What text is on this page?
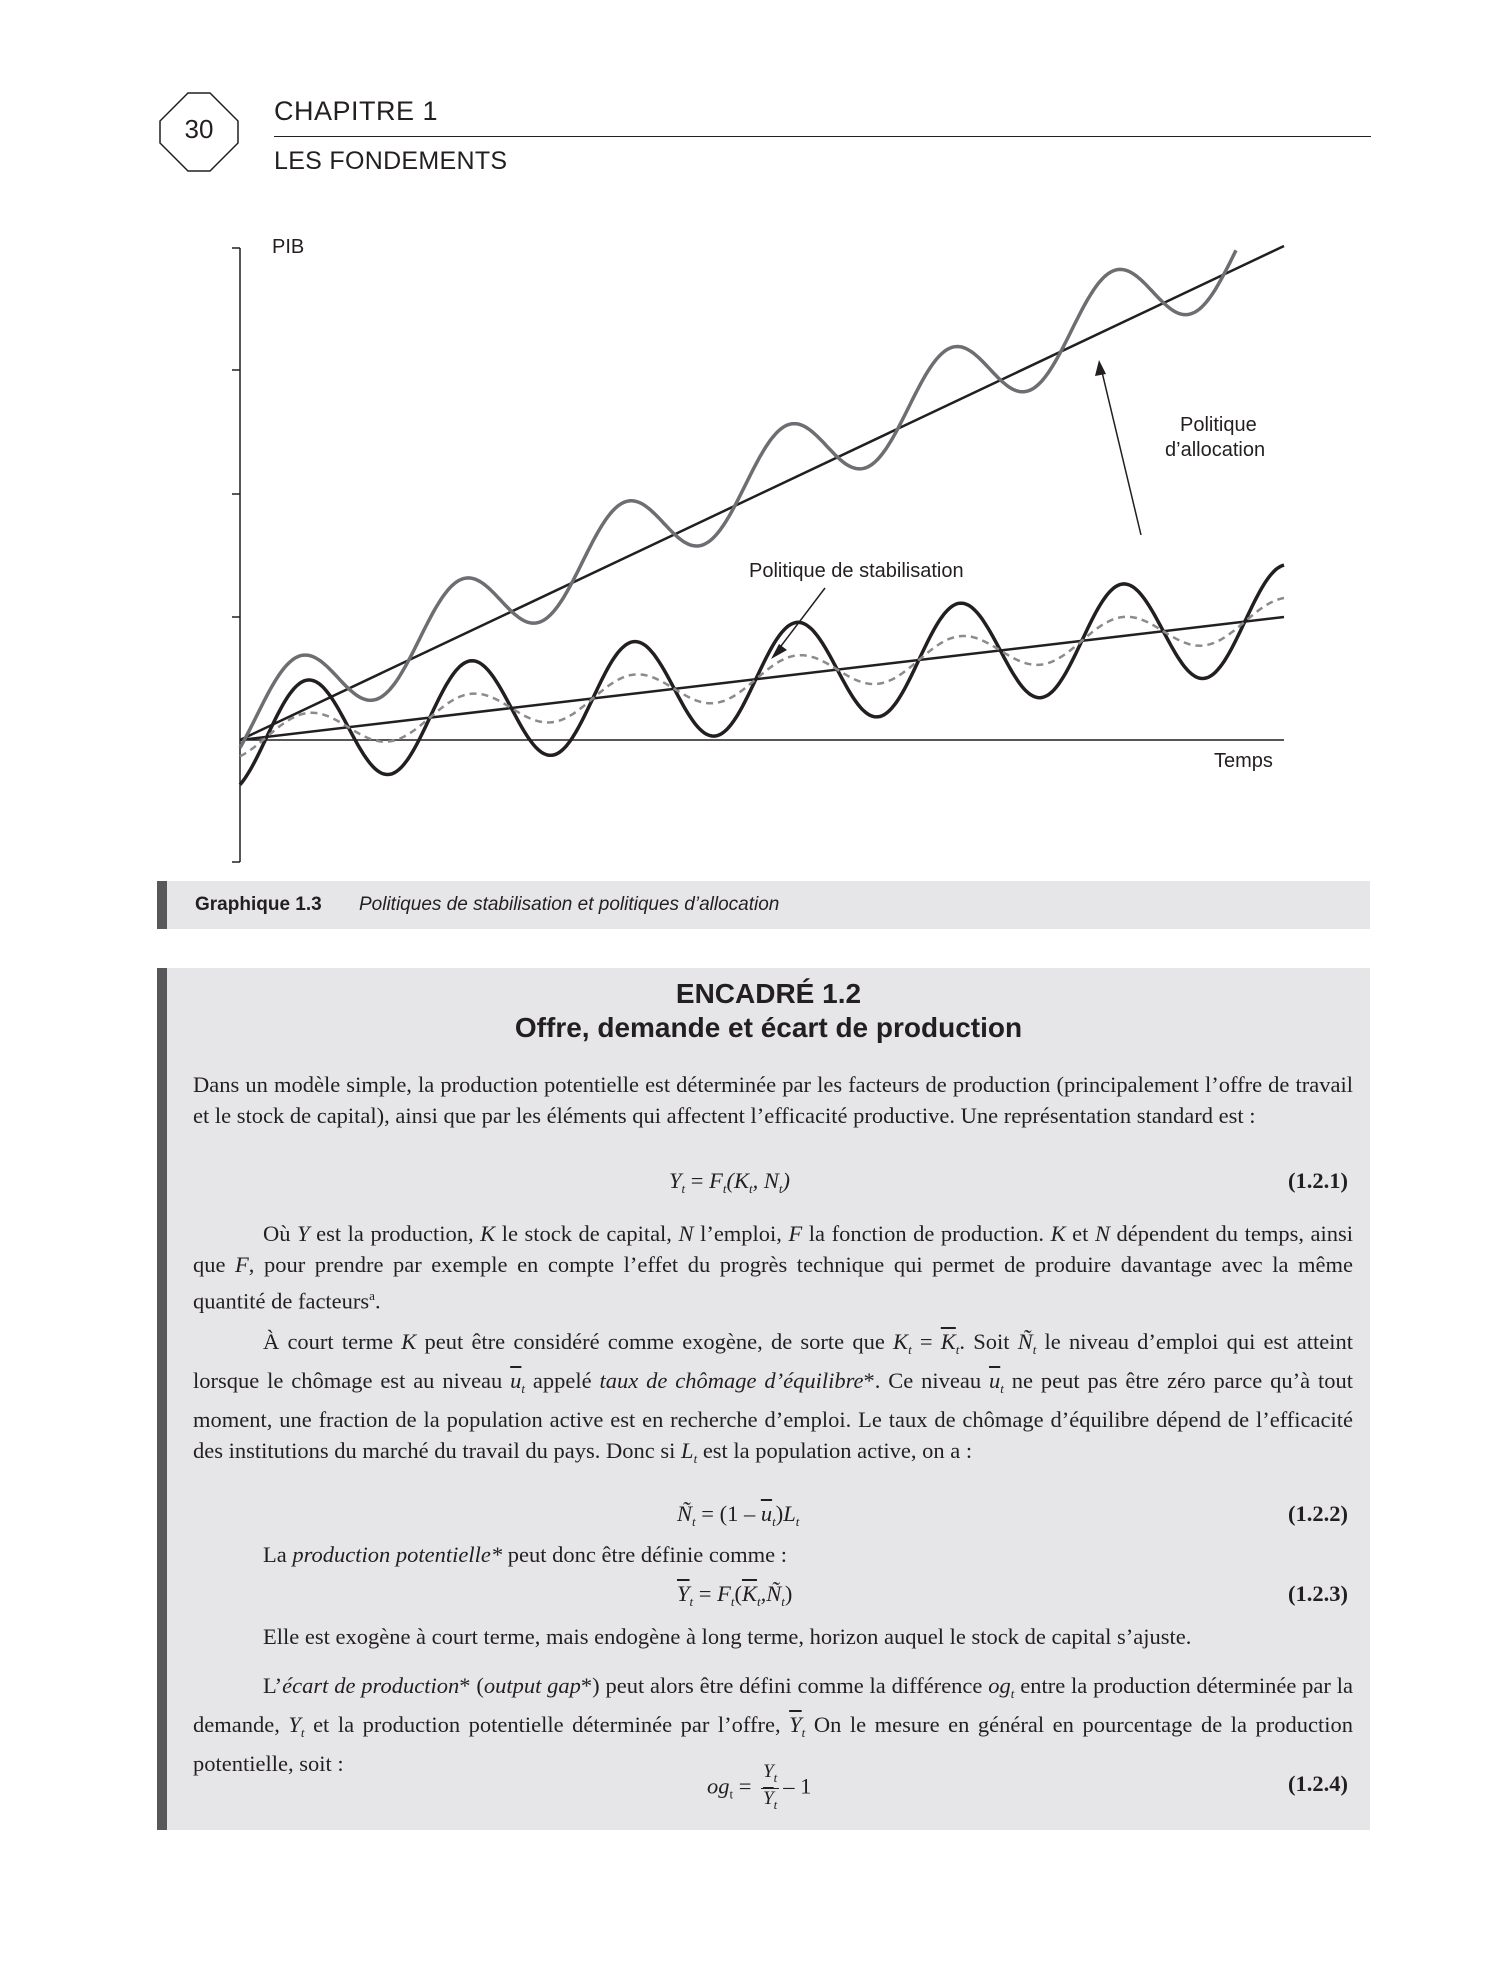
30
CHAPITRE 1
LES FONDEMENTS
PIB
Temps
Politique
d’allocation
Politique de stabilisation
Graphique 1.3 Politiques de stabilisation et politiques d’allocation
ENCADRÉ 1.2
Offre, demande et écart de production
Dans un modèle simple, la production potentielle est déterminée par les facteurs de production (principalement l’offre de travail et le stock de capital), ainsi que par les éléments qui affectent l’efficacité productive. Une représentation standard est :
$Y_t = F_t(K_t$, $N_t$)	(1.2.1)
Où Y est la production, K le stock de capital, N l’emploi, F la fonction de production. K et N dépendent du temps, ainsi que F, pour prendre par exemple en compte l’effet du progrès technique qui permet de produire davantage avec la même quantité de facteurs$^a$.
À court terme K peut être considéré comme exogène, de sorte que $K_t = \overline{K}_t$. Soit $Ñ_t$ le niveau d’emploi qui est atteint lorsque le chômage est au niveau $\overline{u}_t$ appelé taux de chômage d’équilibre*. Ce niveau $\overline{u}_t$ ne peut pas être zéro parce qu’à tout moment, une fraction de la population active est en recherche d’emploi. Le taux de chômage d’équilibre dépend de l’efficacité des institutions du marché du travail du pays. Donc si $L_t$ est la population active, on a :
$Ñ_t = (1 - \overline{u}_t)L_t$	(1.2.2)
La production potentielle* peut donc être définie comme :
$\overline{Y}_t$ = $F_t(\overline{K}_t,Ñ_t)$	(1.2.3)
Elle est exogène à court terme, mais endogène à long terme, horizon auquel le stock de capital s’ajuste.
L’écart de production* (output gap*) peut alors être défini comme la différence $og_t$ entre la production déterminée par la demande, $Y_t$ et la production potentielle déterminée par l’offre, $\overline{Y}_t$ On le mesure en général en pourcentage de la production potentielle, soit :
$og_t = \frac{Y_t}{\overline{Y}_t} - 1$	(1.2.4)
